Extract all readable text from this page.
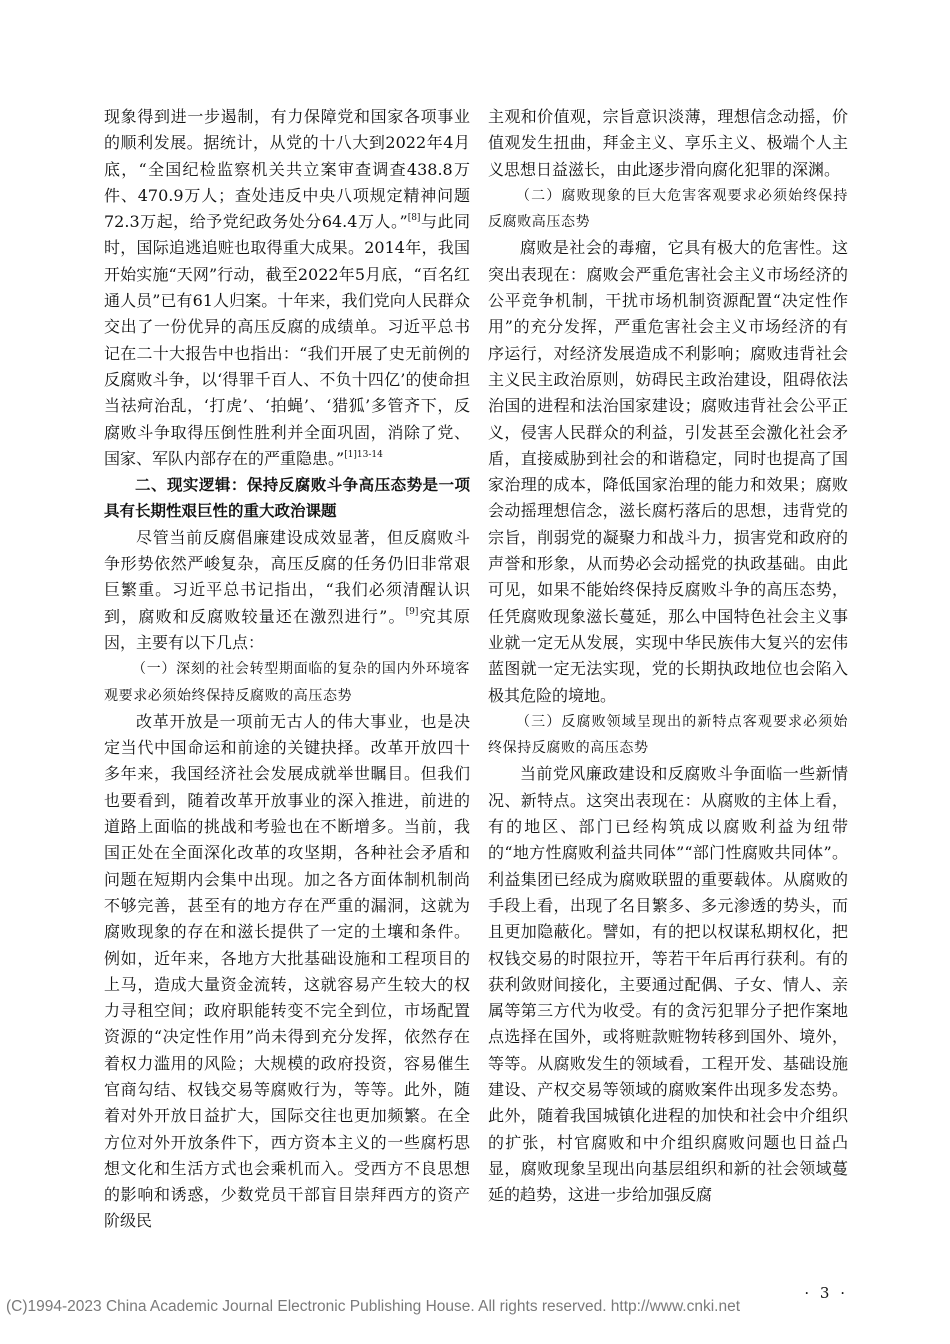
现象得到进一步遏制，有力保障党和国家各项事业的顺利发展。据统计，从党的十八大到2022年4月底，“全国纪检监察机关共立案审查调查438.8万件、470.9万人；查处违反中央八项规定精神问题72.3万起，给予党纪政务处分64.4万人。”[8]与此同时，国际追逃追赃也取得重大成果。2014年，我国开始实施“天网”行动，截至2022年5月底，“百名红通人员”已有61人归案。十年来，我们党向人民群众交出了一份优异的高压反腐的成绩单。习近平总书记在二十大报告中也指出：“我们开展了史无前例的反腐败斗争，以‘得罪千百人、不负十四亿’的使命担当祛疴治乱，‘打虎’、‘拍蝇’、‘猎狐’多管齐下，反腐败斗争取得压倒性胜利并全面巩固，消除了党、国家、军队内部存在的严重隐患。”$^{[1]13-14}$

二、现实逻辑：保持反腐败斗争高压态势是一项具有长期性艰巨性的重大政治课题

尽管当前反腐倡廉建设成效显著，但反腐败斗争形势依然严峻复杂，高压反腐的任务仍旧非常艰巨繁重。习近平总书记指出，“我们必须清醒认识到，腐败和反腐败较量还在激烈进行”。[9]究其原因，主要有以下几点：

（一）深刻的社会转型期面临的复杂的国内外环境客观要求必须始终保持反腐败的高压态势

改革开放是一项前无古人的伟大事业，也是决定当代中国命运和前途的关键抉择。改革开放四十多年来，我国经济社会发展成就举世瞩目。但我们也要看到，随着改革开放事业的深入推进，前进的道路上面临的挑战和考验也在不断增多。当前，我国正处在全面深化改革的攻坚期，各种社会矛盾和问题在短期内会集中出现。加之各方面体制机制尚不够完善，甚至有的地方存在严重的漏洞，这就为腐败现象的存在和滋长提供了一定的土壤和条件。例如，近年来，各地方大批基础设施和工程项目的上马，造成大量资金流转，这就容易产生较大的权力寻租空间；政府职能转变不完全到位，市场配置资源的“决定性作用”尚未得到充分发挥，依然存在着权力滥用的风险；大规模的政府投资，容易催生官商勾结、权钱交易等腐败行为，等等。此外，随着对外开放日益扩大，国际交往也更加频繁。在全方位对外开放条件下，西方资本主义的一些腐朽思想文化和生活方式也会乘机而入。受西方不良思想的影响和诱惑，少数党员干部盲目崇拜西方的资产阶级民

主观和价值观，宗旨意识淡薄，理想信念动摇，价值观发生扭曲，拜金主义、享乐主义、极端个人主义思想日益滋长，由此逐步滑向腐化犯罪的深渊。

（二）腐败现象的巨大危害客观要求必须始终保持反腐败高压态势

腐败是社会的毒瘤，它具有极大的危害性。这突出表现在：腐败会严重危害社会主义市场经济的公平竞争机制，干扰市场机制资源配置“决定性作用”的充分发挥，严重危害社会主义市场经济的有序运行，对经济发展造成不利影响；腐败违背社会主义民主政治原则，妨碍民主政治建设，阻碍依法治国的进程和法治国家建设；腐败违背社会公平正义，侵害人民群众的利益，引发甚至会激化社会矛盾，直接威胁到社会的和谐稳定，同时也提高了国家治理的成本，降低国家治理的能力和效果；腐败会动摇理想信念，滋长腐朽落后的思想，违背党的宗旨，削弱党的凝聚力和战斗力，损害党和政府的声誉和形象，从而势必会动摇党的执政基础。由此可见，如果不能始终保持反腐败斗争的高压态势，任凭腐败现象滋长蔓延，那么中国特色社会主义事业就一定无从发展，实现中华民族伟大复兴的宏伟蓝图就一定无法实现，党的长期执政地位也会陷入极其危险的境地。

（三）反腐败领域呈现出的新特点客观要求必须始终保持反腐败的高压态势

当前党风廉政建设和反腐败斗争面临一些新情况、新特点。这突出表现在：从腐败的主体上看，有的地区、部门已经构筑成以腐败利益为纽带的“地方性腐败利益共同体”“部门性腐败共同体”。利益集团已经成为腐败联盟的重要载体。从腐败的手段上看，出现了名目繁多、多元渗透的势头，而且更加隐蔽化。譬如，有的把以权谋私期权化，把权钱交易的时限拉开，等若干年后再行获利。有的获利敛财间接化，主要通过配偶、子女、情人、亲属等第三方代为收受。有的贪污犯罪分子把作案地点选择在国外，或将赃款赃物转移到国外、境外，等等。从腐败发生的领域看，工程开发、基础设施建设、产权交易等领域的腐败案件出现多发态势。此外，随着我国城镇化进程的加快和社会中介组织的扩张，村官腐败和中介组织腐败问题也日益凸显，腐败现象呈现出向基层组织和新的社会领域蔓延的趋势，这进一步给加强反腐

· 3 ·
(C)1994-2023 China Academic Journal Electronic Publishing House. All rights reserved. http://www.cnki.net
